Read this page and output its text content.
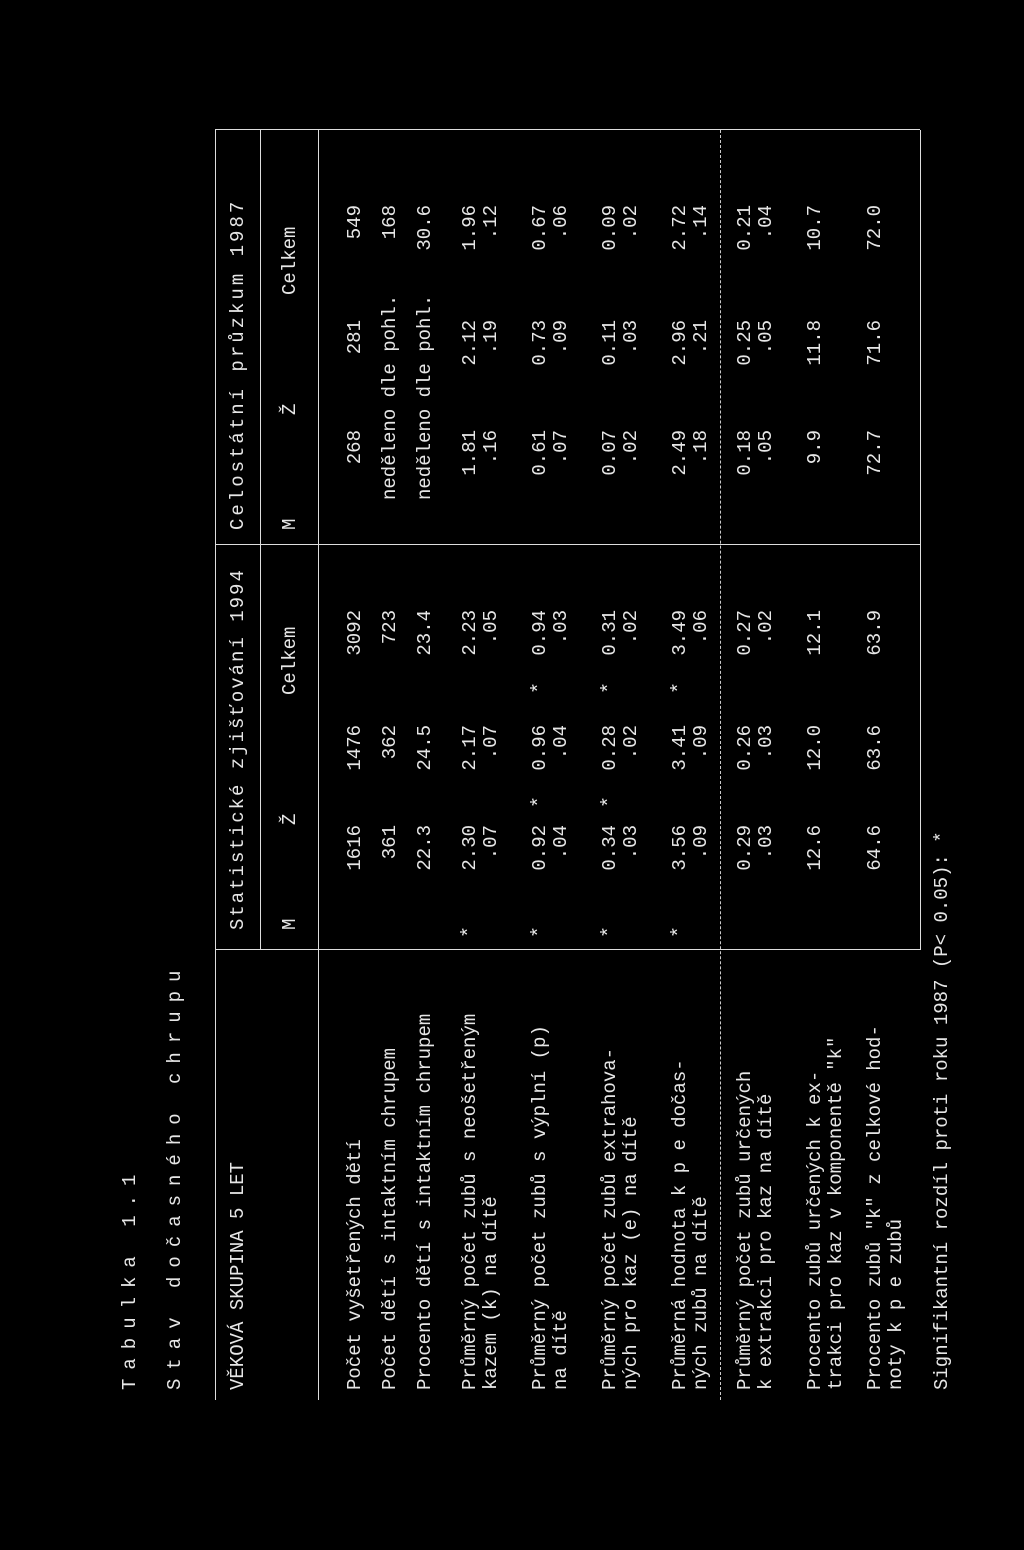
Tabulka 1.1 Stav dočasného chrupu VĚKOVÁ SKUPINA 5 LET
Statistické zjišťování 1994
Celostátní průzkum 1987
M
Ž
Celkem
M
Ž
Celkem
Počet vyšetřených dětí
1616
1476
3092
268
281
549
Počet dětí s intaktním chrupem
361
362
723
168
neděleno dle pohl.
Procento dětí s intaktním chrupem
22.3
24.5
23.4
30.6
neděleno dle pohl.
Průměrný počet zubů s neošetřeným kazem (k) na dítě
2.30 .07
*
2.17 .07
2.23 .05
1.81 .16
2.12 .19
1.96 .12
Průměrný počet zubů s výplní (p) na dítě
0.92 .04
*
0.96 .04
*
0.94 .03
*
0.61 .07
0.73 .09
0.67 .06
Průměrný počet zubů extrahova- ných pro kaz (e) na dítě
0.34 .03
*
0.28 .02
*
0.31 .02
*
0.07 .02
0.11 .03
0.09 .02
Průměrná hodnota k p e dočas- ných zubů na dítě
3.56 .09
*
3.41 .09
3.49 .06
*
2.49 .18
2.96 .21
2.72 .14
Průměrný počet zubů určených k extrakci pro kaz na dítě
0.29 .03
0.26 .03
0.27 .02
0.18 .05
0.25 .05
0.21 .04
Procento zubů určených k ex- trakci pro kaz v komponentě "k"
12.6
12.0
12.1
9.9
11.8
10.7
Procento zubů "k" z celkové hod- noty k p e zubů
64.6
63.6
63.9
72.7
71.6
72.0
Signifikantní rozdíl proti roku 1987 (P< 0.05): *
